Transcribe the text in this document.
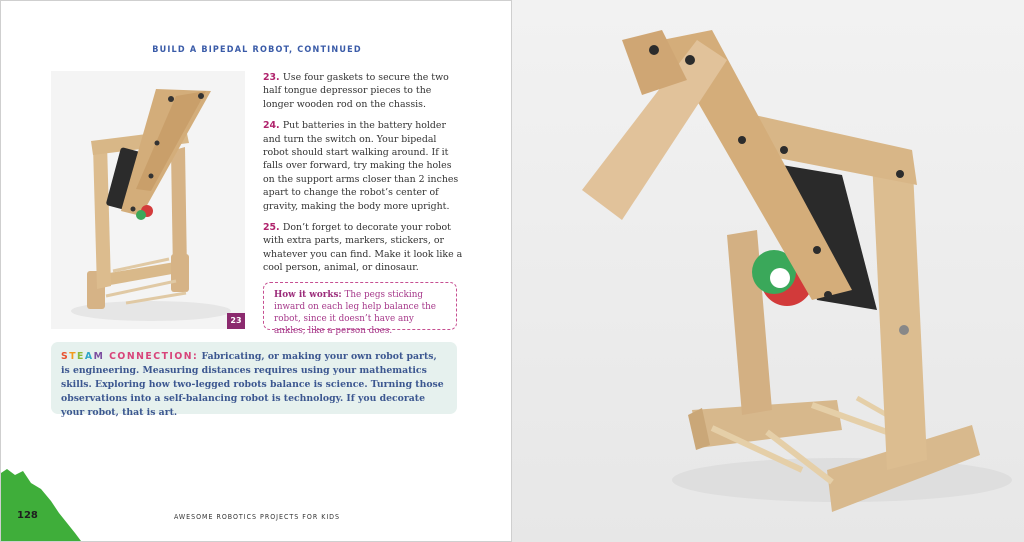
BUILD A BIPEDAL ROBOT, CONTINUED
23
23. Use four gaskets to secure the two half tongue depressor pieces to the longer wooden rod on the chassis.
24. Put batteries in the battery holder and turn the switch on. Your bipedal robot should start walking around. If it falls over forward, try making the holes on the support arms closer than 2 inches apart to change the robot’s center of gravity, making the body more upright.
25. Don’t forget to decorate your robot with extra parts, markers, stickers, or whatever you can find. Make it look like a cool person, animal, or dinosaur.
How it works: The pegs sticking inward on each leg help balance the robot, since it doesn’t have any ankles, like a person does.
STEAM CONNECTION: Fabricating, or making your own robot parts, is engineering. Measuring distances requires using your mathematics skills. Exploring how two-legged robots balance is science. Turning those observations into a self-balancing robot is technology. If you decorate your robot, that is art.
128	AWESOME ROBOTICS PROJECTS FOR KIDS
